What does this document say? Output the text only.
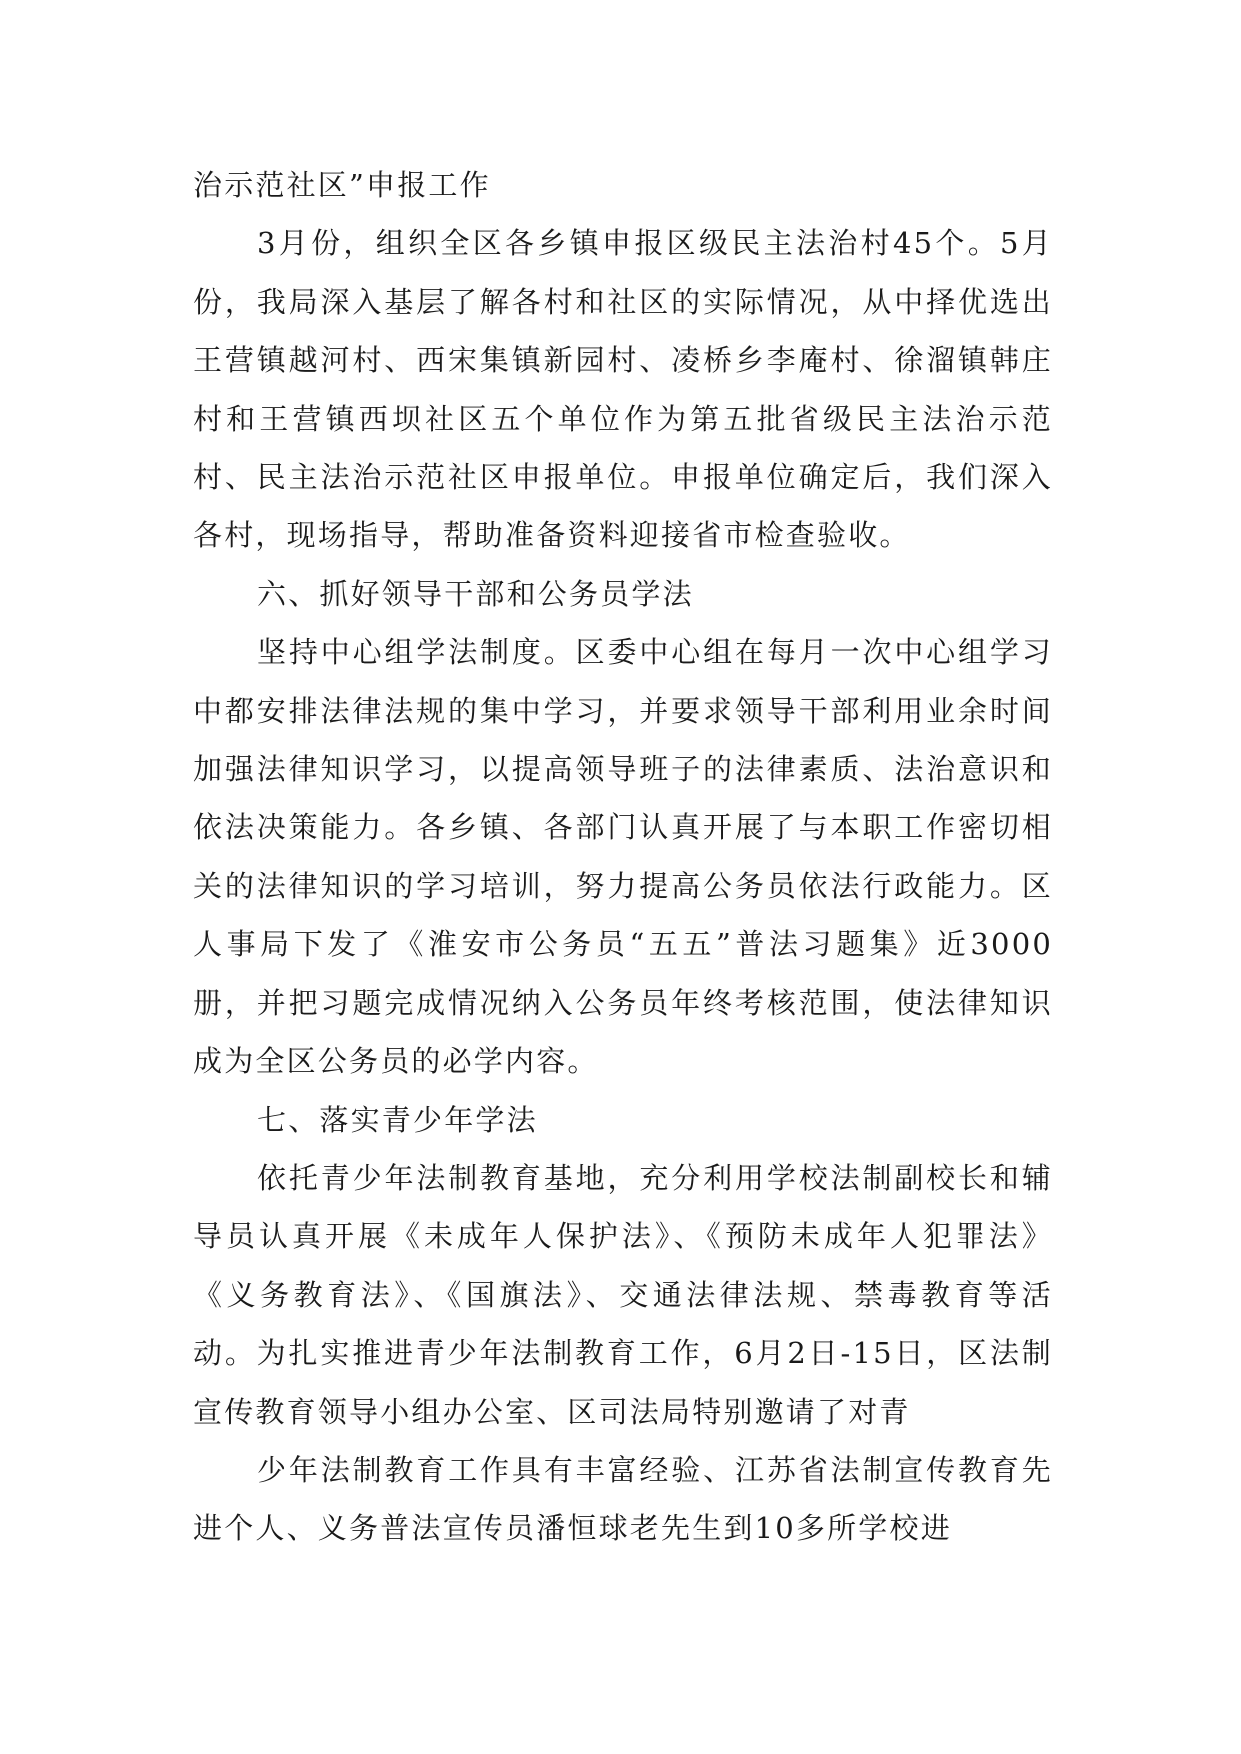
治示范社区”申报工作

3月份，组织全区各乡镇申报区级民主法治村45个。5月份，我局深入基层了解各村和社区的实际情况，从中择优选出王营镇越河村、西宋集镇新园村、凌桥乡李庵村、徐溜镇韩庄村和王营镇西坝社区五个单位作为第五批省级民主法治示范村、民主法治示范社区申报单位。申报单位确定后，我们深入各村，现场指导，帮助准备资料迎接省市检查验收。

六、抓好领导干部和公务员学法

坚持中心组学法制度。区委中心组在每月一次中心组学习中都安排法律法规的集中学习，并要求领导干部利用业余时间加强法律知识学习，以提高领导班子的法律素质、法治意识和依法决策能力。各乡镇、各部门认真开展了与本职工作密切相关的法律知识的学习培训，努力提高公务员依法行政能力。区人事局下发了《淮安市公务员“五五”普法习题集》近3000册，并把习题完成情况纳入公务员年终考核范围，使法律知识成为全区公务员的必学内容。

七、落实青少年学法

依托青少年法制教育基地，充分利用学校法制副校长和辅导员认真开展《未成年人保护法》、《预防未成年人犯罪法》《义务教育法》、《国旗法》、交通法律法规、禁毒教育等活动。为扎实推进青少年法制教育工作，6月2日-15日，区法制宣传教育领导小组办公室、区司法局特别邀请了对青

少年法制教育工作具有丰富经验、江苏省法制宣传教育先进个人、义务普法宣传员潘恒球老先生到10多所学校进
